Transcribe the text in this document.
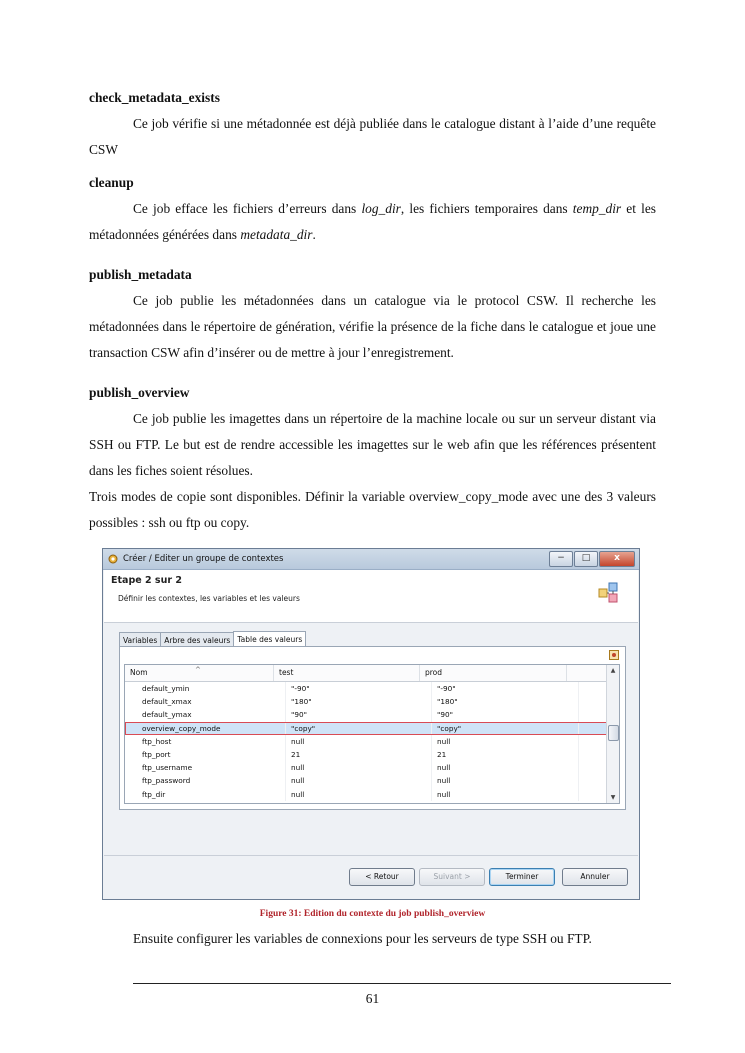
check_metadata_exists

Ce job vérifie si une métadonnée est déjà publiée dans le catalogue distant à l’aide d’une requête CSW

cleanup

Ce job efface les fichiers d’erreurs dans log_dir, les fichiers temporaires dans temp_dir et les métadonnées générées dans metadata_dir.

publish_metadata

Ce job publie les métadonnées dans un catalogue via le protocol CSW. Il recherche les métadonnées dans le répertoire de génération, vérifie la présence de la fiche dans le catalogue et joue une transaction CSW afin d’insérer ou de mettre à jour l’enregistrement.

publish_overview

Ce job publie les imagettes dans un répertoire de la machine locale ou sur un serveur distant via SSH ou FTP. Le but est de rendre accessible les imagettes sur le web afin que les références présentent dans les fiches soient résolues.

Trois modes de copie sont disponibles. Définir la variable overview_copy_mode avec une des 3 valeurs possibles : ssh ou ftp ou copy.

Créer / Editer un groupe de contextes	−	□	x
Etape 2 sur 2
Définir les contextes, les variables et les valeurs
Variables Arbre des valeurs Table des valeurs
Nom	^	test	prod
default_ymin	"-90"	"-90"
default_xmax	"180"	"180"
default_ymax	"90"	"90"
overview_copy_mode	"copy"	"copy"
ftp_host	null	null
ftp_port	21	21
ftp_username	null	null
ftp_password	null	null
ftp_dir	null	null
▲
▼
< Retour	Suivant >	Terminer	Annuler
Figure 31: Edition du contexte du job publish_overview

Ensuite configurer les variables de connexions pour les serveurs de type SSH ou FTP.

61
